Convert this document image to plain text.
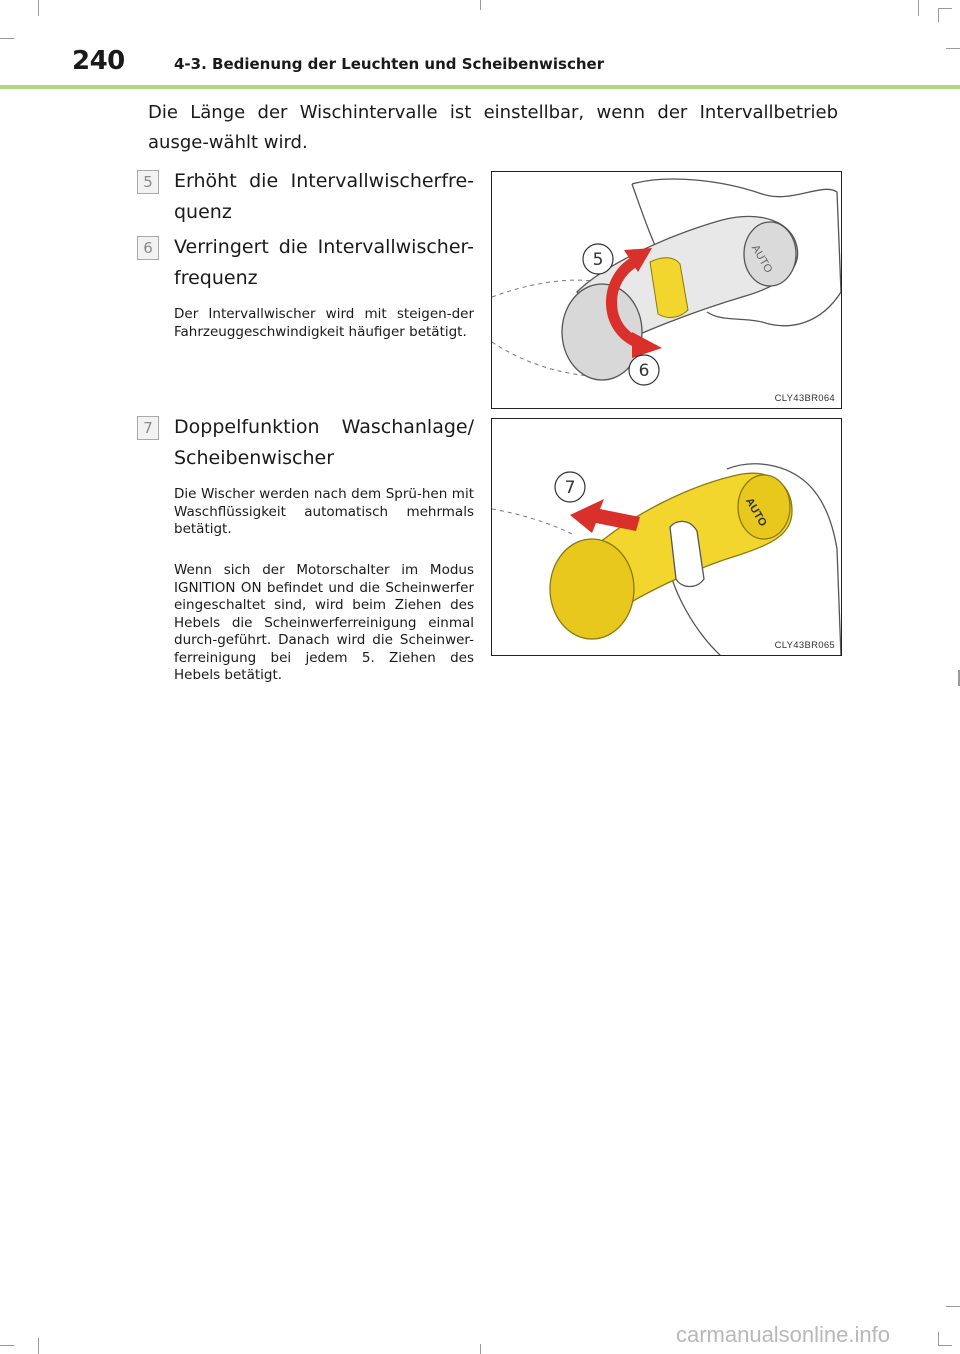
240	4-3. Bedienung der Leuchten und Scheibenwischer

Die Länge der Wischintervalle ist einstellbar, wenn der Intervallbetrieb ausge-wählt wird.

5	Erhöht die Intervallwischerfre-quenz
6	Verringert die Intervallwischer-frequenz

Der Intervallwischer wird mit steigen-der Fahrzeuggeschwindigkeit häufiger betätigt.

7	Doppelfunktion Waschanlage/ Scheibenwischer

Die Wischer werden nach dem Sprü-hen mit Waschflüssigkeit automatisch mehrmals betätigt.

Wenn sich der Motorschalter im Modus IGNITION ON befindet und die Scheinwerfer eingeschaltet sind, wird beim Ziehen des Hebels die Scheinwerferreinigung einmal durch-geführt. Danach wird die Scheinwer-ferreinigung bei jedem 5. Ziehen des Hebels betätigt.

AUTO
5
6
CLY43BR064
AUTO
7
CLY43BR065
carmanualsonline.info
